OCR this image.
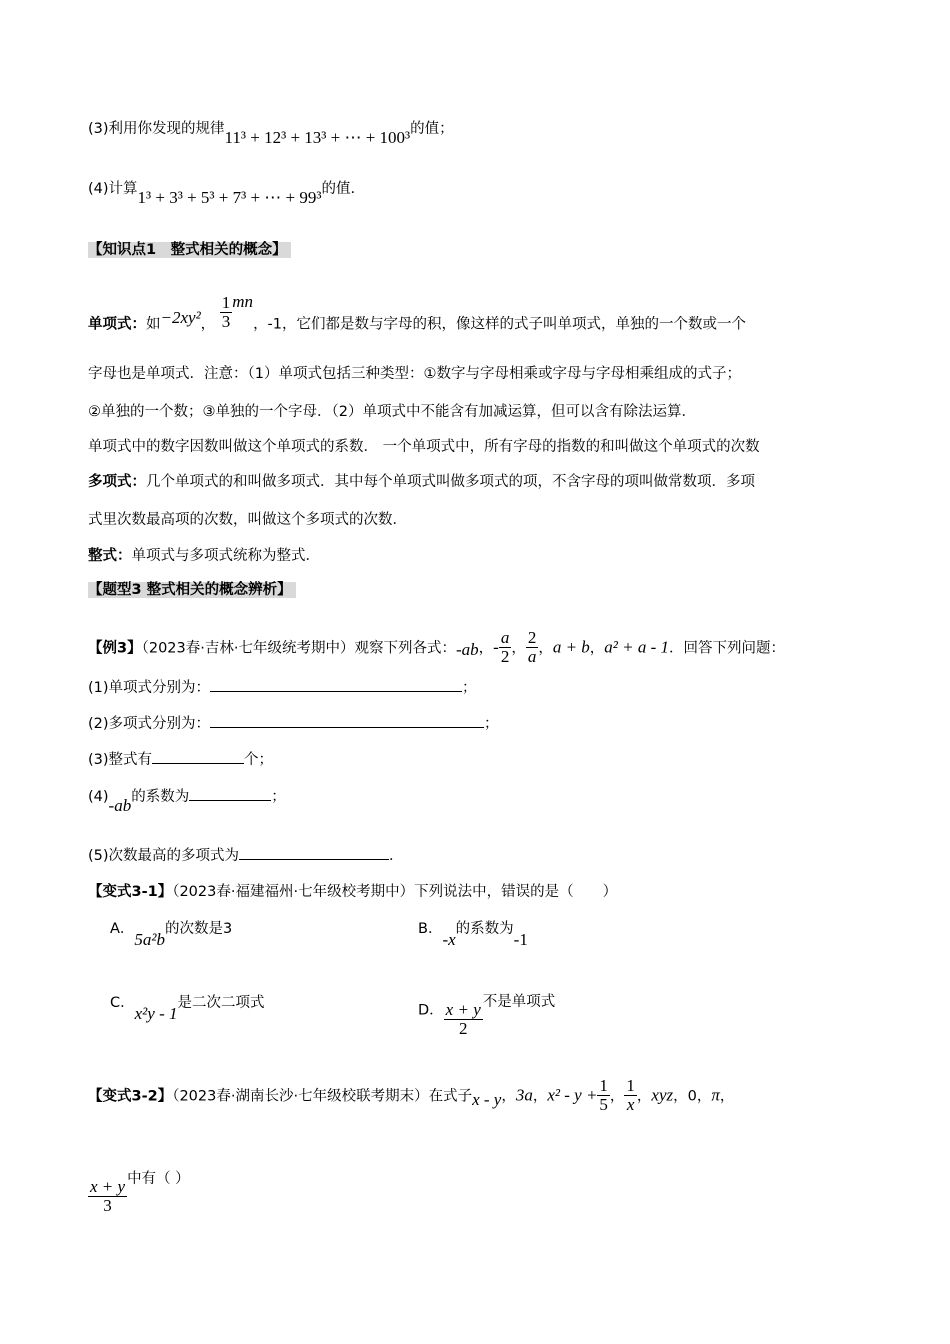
(3)利用你发现的规律11³ + 12³ + 13³ + ⋯ + 100³的值；
(4)计算1³ + 3³ + 5³ + 7³ + ⋯ + 99³的值.
【知识点1　整式相关的概念】
单项式：如−2xy²， $\frac{1}{3}$ mn，-1，它们都是数与字母的积，像这样的式子叫单项式，单独的一个数或一个
字母也是单项式．注意：（1）单项式包括三种类型：①数字与字母相乘或字母与字母相乘组成的式子；
②单独的一个数；③单独的一个字母．（2）单项式中不能含有加减运算，但可以含有除法运算．
单项式中的数字因数叫做这个单项式的系数． 一个单项式中，所有字母的指数的和叫做这个单项式的次数
多项式：几个单项式的和叫做多项式．其中每个单项式叫做多项式的项，不含字母的项叫做常数项．多项
式里次数最高项的次数，叫做这个多项式的次数．
整式：单项式与多项式统称为整式．
【题型3 整式相关的概念辨析】
【例3】（2023春·吉林·七年级统考期中）观察下列各式：-ab，- $\frac{a}{2}$ ， $\frac{2}{a}$ ，a + b，a² + a - 1．回答下列问题：
(1)单项式分别为：	；
(2)多项式分别为：	；
(3)整式有	个；
(4)-ab的系数为	；
(5)次数最高的多项式为	．
【变式3-1】（2023春·福建福州·七年级校考期中）下列说法中，错误的是（　　）
A．5a²b的次数是3	B．-x的系数为-1
C．x²y - 1是二次二项式	D． $\frac{x + y}{2}$ 不是单项式
【变式3-2】（2023春·湖南长沙·七年级校联考期末）在式子x - y，3a，$x^2 - y + \frac{1}{5}$ ， $\frac{1}{x}$ ，xyz，0，π，
$\frac{x + y}{3}$ 中有（ ）
